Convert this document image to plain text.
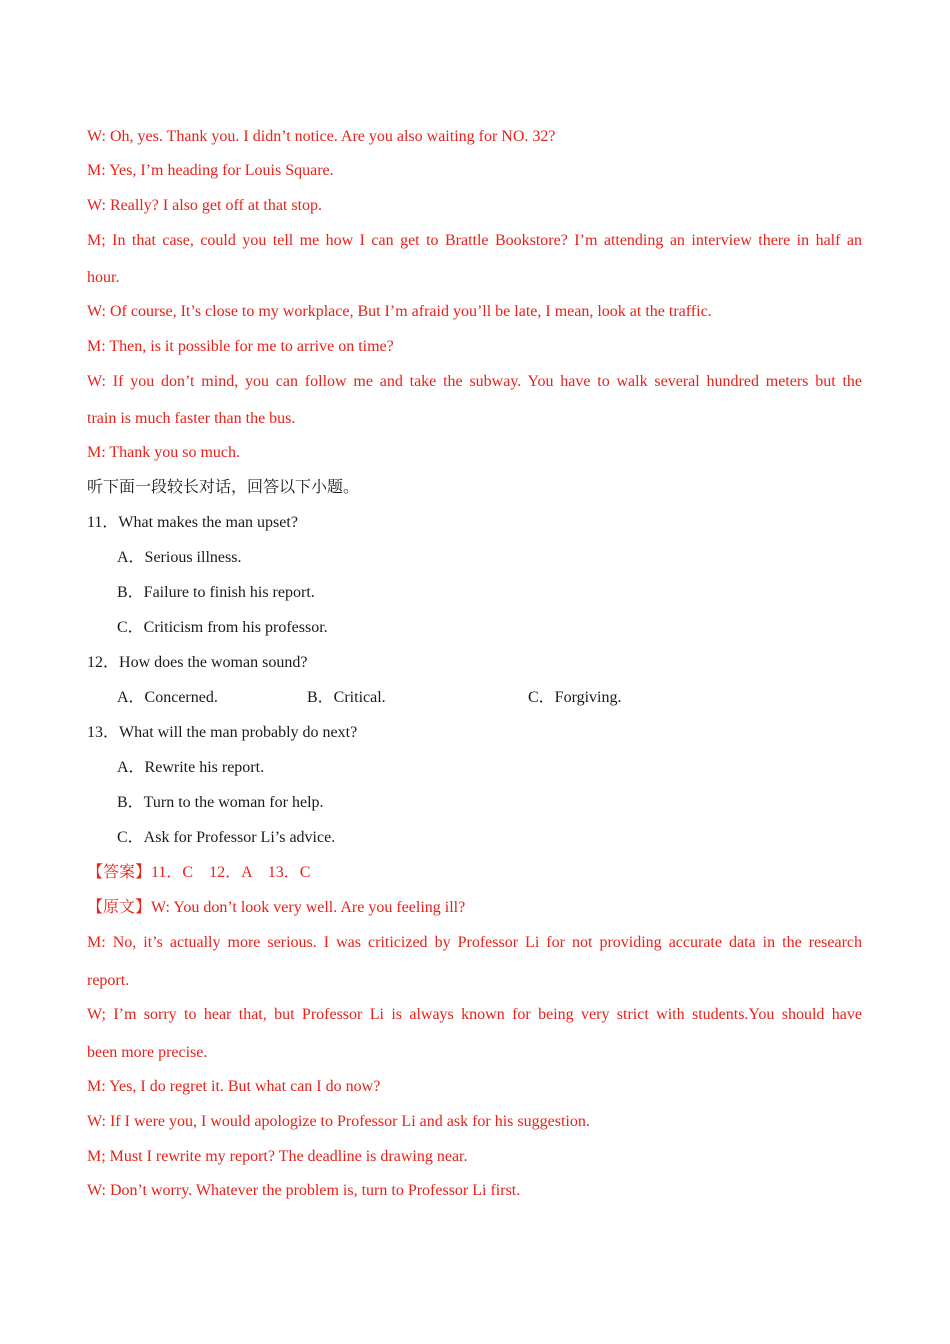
W: Oh, yes. Thank you. I didn’t notice. Are you also waiting for NO. 32?

M: Yes, I’m heading for Louis Square.

W: Really? I also get off at that stop.

M; In that case, could you tell me how I can get to Brattle Bookstore? I’m attending an interview there in half an

hour.

W: Of course, It’s close to my workplace, But I’m afraid you’ll be late, I mean, look at the traffic.

M: Then, is it possible for me to arrive on time?

W: If you don’t mind, you can follow me and take the subway. You have to walk several hundred meters but the

train is much faster than the bus.

M: Thank you so much.

听下面一段较长对话，回答以下小题。

11．What makes the man upset?

A．Serious illness.

B．Failure to finish his report.

C．Criticism from his professor.

12．How does the woman sound?

A．Concerned.	B．Critical.	C．Forgiving.

13．What will the man probably do next?

A．Rewrite his report.

B．Turn to the woman for help.

C．Ask for Professor Li’s advice.

【答案】11．C　12．A　13．C

【原文】W: You don’t look very well. Are you feeling ill?

M: No, it’s actually more serious. I was criticized by Professor Li for not providing accurate data in the research

report.

W; I’m sorry to hear that, but Professor Li is always known for being very strict with students.You should have

been more precise.

M: Yes, I do regret it. But what can I do now?

W: If I were you, I would apologize to Professor Li and ask for his suggestion.

M; Must I rewrite my report? The deadline is drawing near.

W: Don’t worry. Whatever the problem is, turn to Professor Li first.
